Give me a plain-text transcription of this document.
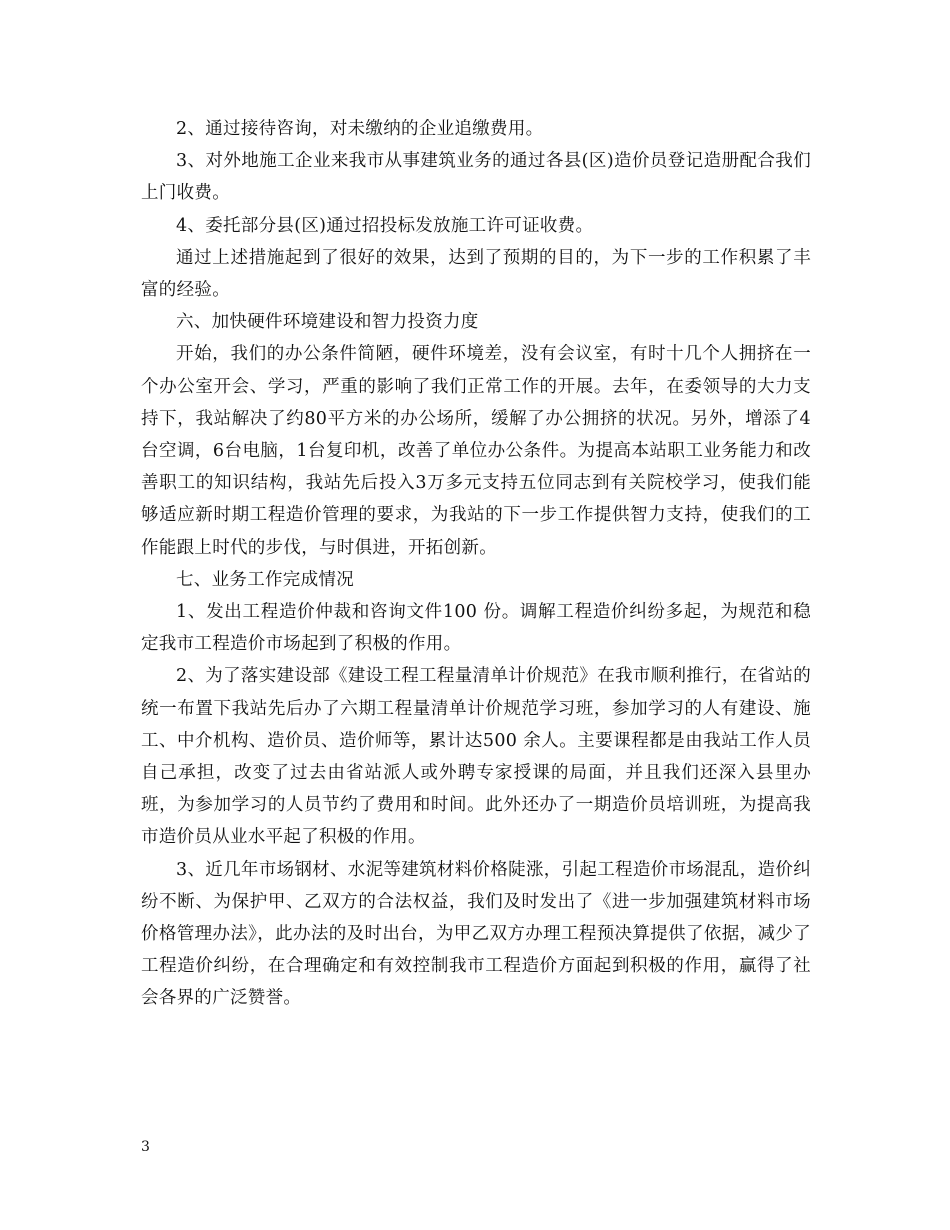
2、通过接待咨询，对未缴纳的企业追缴费用。

3、对外地施工企业来我市从事建筑业务的通过各县(区)造价员登记造册配合我们上门收费。

4、委托部分县(区)通过招投标发放施工许可证收费。

通过上述措施起到了很好的效果，达到了预期的目的，为下一步的工作积累了丰富的经验。

六、加快硬件环境建设和智力投资力度

开始，我们的办公条件简陋，硬件环境差，没有会议室，有时十几个人拥挤在一个办公室开会、学习，严重的影响了我们正常工作的开展。去年，在委领导的大力支持下，我站解决了约80平方米的办公场所，缓解了办公拥挤的状况。另外，增添了4台空调，6台电脑，1台复印机，改善了单位办公条件。为提高本站职工业务能力和改善职工的知识结构，我站先后投入3万多元支持五位同志到有关院校学习，使我们能够适应新时期工程造价管理的要求，为我站的下一步工作提供智力支持，使我们的工作能跟上时代的步伐，与时俱进，开拓创新。

七、业务工作完成情况

1、发出工程造价仲裁和咨询文件100 份。调解工程造价纠纷多起，为规范和稳定我市工程造价市场起到了积极的作用。

2、为了落实建设部《建设工程工程量清单计价规范》在我市顺利推行，在省站的统一布置下我站先后办了六期工程量清单计价规范学习班，参加学习的人有建设、施工、中介机构、造价员、造价师等，累计达500 余人。主要课程都是由我站工作人员自己承担，改变了过去由省站派人或外聘专家授课的局面，并且我们还深入县里办班，为参加学习的人员节约了费用和时间。此外还办了一期造价员培训班，为提高我市造价员从业水平起了积极的作用。

3、近几年市场钢材、水泥等建筑材料价格陡涨，引起工程造价市场混乱，造价纠纷不断、为保护甲、乙双方的合法权益，我们及时发出了《进一步加强建筑材料市场价格管理办法》，此办法的及时出台，为甲乙双方办理工程预决算提供了依据，减少了工程造价纠纷，在合理确定和有效控制我市工程造价方面起到积极的作用，赢得了社会各界的广泛赞誉。

3
